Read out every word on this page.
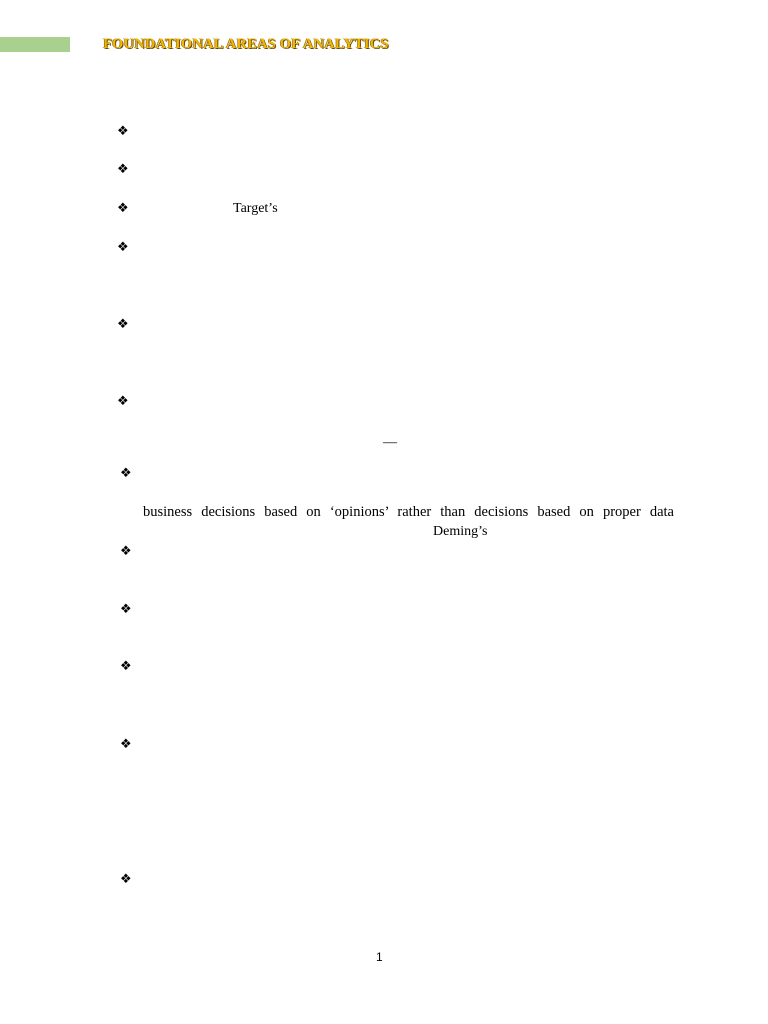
FOUNDATIONAL AREAS OF ANALYTICS
❖
❖
❖	Target’s
❖
❖
❖
—
❖
business decisions based on ‘opinions’ rather than decisions based on proper data
Deming’s
❖
❖
❖
❖
❖
1
